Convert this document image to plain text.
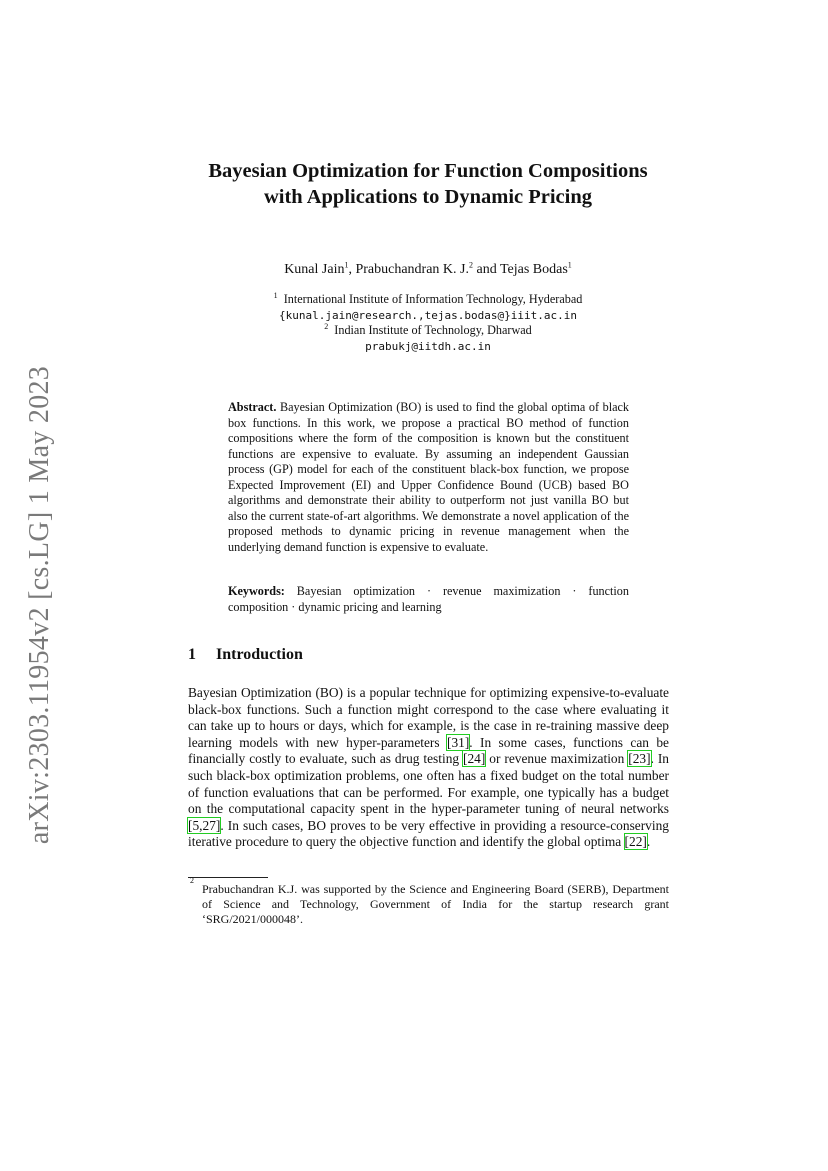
arXiv:2303.11954v2 [cs.LG] 1 May 2023
Bayesian Optimization for Function Compositions with Applications to Dynamic Pricing
Kunal Jain$^1$, Prabuchandran K. J.$^2$ and Tejas Bodas$^1$
$^1$ International Institute of Information Technology, Hyderabad
{kunal.jain@research.,tejas.bodas@}iiit.ac.in
$^2$ Indian Institute of Technology, Dharwad
prabukj@iitdh.ac.in
Abstract. Bayesian Optimization (BO) is used to find the global optima of black box functions. In this work, we propose a practical BO method of function compositions where the form of the composition is known but the constituent functions are expensive to evaluate. By assuming an independent Gaussian process (GP) model for each of the constituent black-box function, we propose Expected Improvement (EI) and Upper Confidence Bound (UCB) based BO algorithms and demonstrate their ability to outperform not just vanilla BO but also the current state-of-art algorithms. We demonstrate a novel application of the proposed methods to dynamic pricing in revenue management when the underlying demand function is expensive to evaluate.
Keywords: Bayesian optimization · revenue maximization · function composition · dynamic pricing and learning
1 Introduction
Bayesian Optimization (BO) is a popular technique for optimizing expensive-to-evaluate black-box functions. Such a function might correspond to the case where evaluating it can take up to hours or days, which for example, is the case in re-training massive deep learning models with new hyper-parameters [31]. In some cases, functions can be financially costly to evaluate, such as drug testing [24] or revenue maximization [23]. In such black-box optimization problems, one often has a fixed budget on the total number of function evaluations that can be performed. For example, one typically has a budget on the computational capacity spent in the hyper-parameter tuning of neural networks [5,27]. In such cases, BO proves to be very effective in providing a resource-conserving iterative procedure to query the objective function and identify the global optima [22].
2
Prabuchandran K.J. was supported by the Science and Engineering Board (SERB), Department of Science and Technology, Government of India for the startup research grant ‘SRG/2021/000048’.
